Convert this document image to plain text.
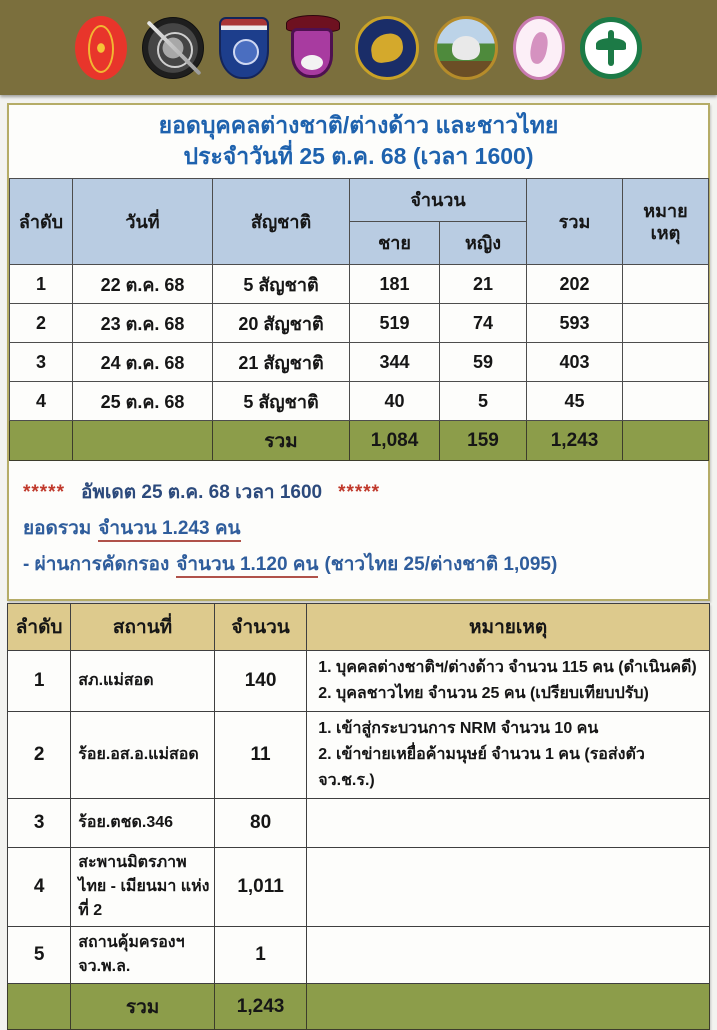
ยอดบุคคลต่างชาติ/ต่างด้าว และชาวไทย
ประจำวันที่ 25 ต.ค. 68 (เวลา 1600)
ลำดับ	วันที่	สัญชาติ	จำนวน		รวม	หมาย
เหตุ

			ชาย	หญิง		
1	22 ต.ค. 68	5 สัญชาติ	181	21	202	
2	23 ต.ค. 68	20 สัญชาติ	519	74	593	
3	24 ต.ค. 68	21 สัญชาติ	344	59	403	
4	25 ต.ค. 68	5 สัญชาติ	40	5	45	
		รวม	1,084	159	1,243	

***** อัพเดต 25 ต.ค. 68 เวลา 1600 *****

ยอดรวม จำนวน 1.243 คน

- ผ่านการคัดกรอง จำนวน 1.120 คน (ชาวไทย 25/ต่างชาติ 1,095)

ลำดับ	สถานที่	จำนวน	หมายเหตุ
1	สภ.แม่สอด	140	1. บุคคลต่างชาติฯ/ต่างด้าว จำนวน 115 คน (ดำเนินคดี)
2. บุคลชาวไทย จำนวน 25 คน (เปรียบเทียบปรับ)

2	ร้อย.อส.อ.แม่สอด	11	1. เข้าสู่กระบวนการ NRM จำนวน 10 คน
2. เข้าข่ายเหยื่อค้ามนุษย์ จำนวน 1 คน (รอส่งตัว จว.ช.ร.)

3	ร้อย.ตชด.346	80	
4	สะพานมิตรภาพไทย - เมียนมา แห่งที่ 2	1,011	
5	สถานคุ้มครองฯ จว.พ.ล.	1	
	รวม	1,243	
